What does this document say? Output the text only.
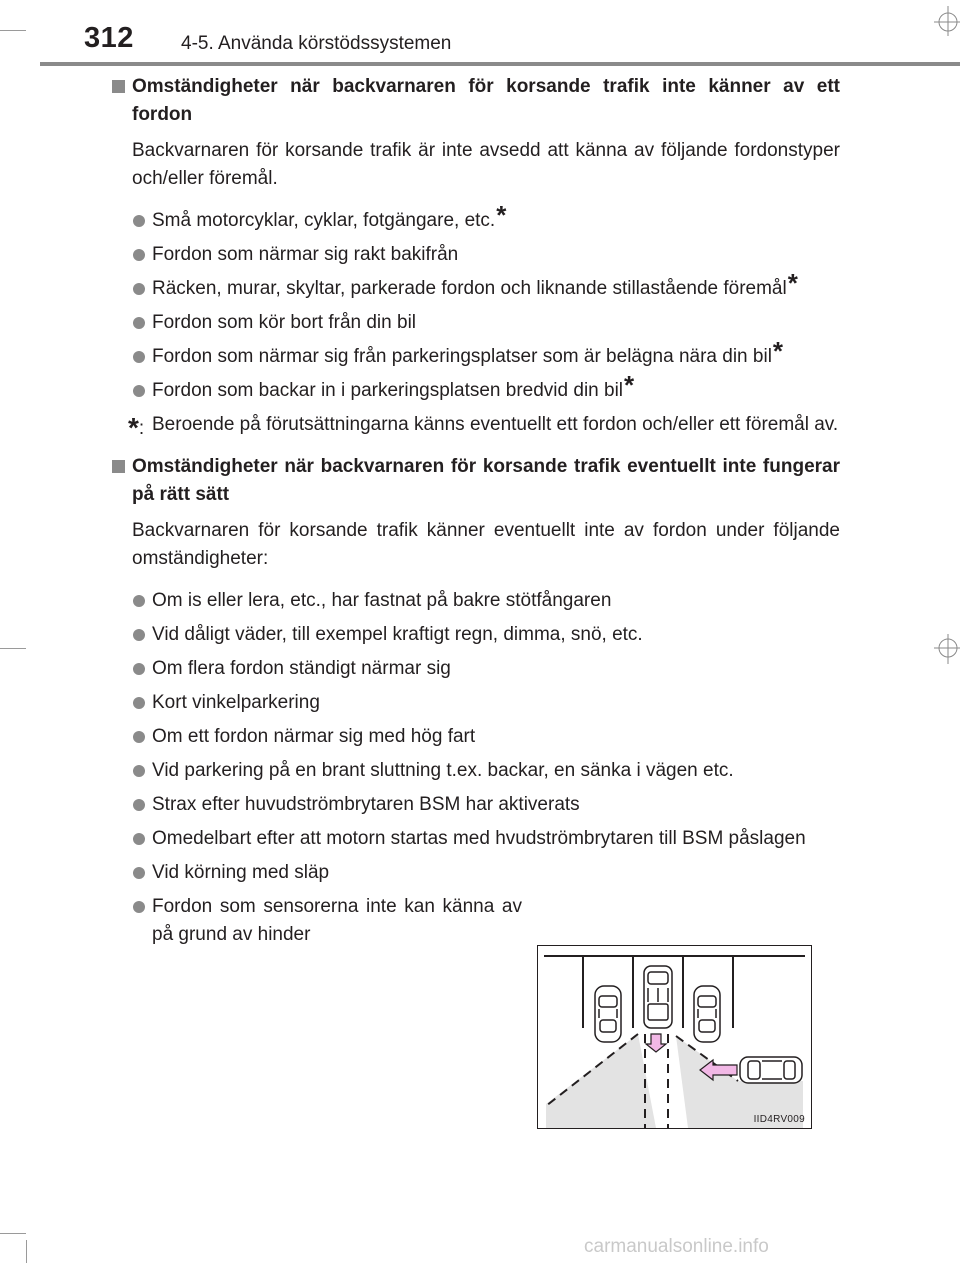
312 4-5. Använda körstödssystemen
Omständigheter när backvarnaren för korsande trafik inte känner av ett fordon

Backvarnaren för korsande trafik är inte avsedd att känna av följande fordonstyper och/eller föremål.

Små motorcyklar, cyklar, fotgängare, etc.*
Fordon som närmar sig rakt bakifrån
Räcken, murar, skyltar, parkerade fordon och liknande stillastående föremål*
Fordon som kör bort från din bil
Fordon som närmar sig från parkeringsplatser som är belägna nära din bil*
Fordon som backar in i parkeringsplatsen bredvid din bil*

*: Beroende på förutsättningarna känns eventuellt ett fordon och/eller ett föremål av.

Omständigheter när backvarnaren för korsande trafik eventuellt inte fungerar på rätt sätt

Backvarnaren för korsande trafik känner eventuellt inte av fordon under följande omständigheter:

Om is eller lera, etc., har fastnat på bakre stötfångaren
Vid dåligt väder, till exempel kraftigt regn, dimma, snö, etc.
Om flera fordon ständigt närmar sig
Kort vinkelparkering
Om ett fordon närmar sig med hög fart
Vid parkering på en brant sluttning t.ex. backar, en sänka i vägen etc.
Strax efter huvudströmbrytaren BSM har aktiverats
Omedelbart efter att motorn startas med hvudströmbrytaren till BSM påslagen
Vid körning med släp
Fordon som sensorerna inte kan känna av på grund av hinder
IID4RV009
carmanualsonline.info
